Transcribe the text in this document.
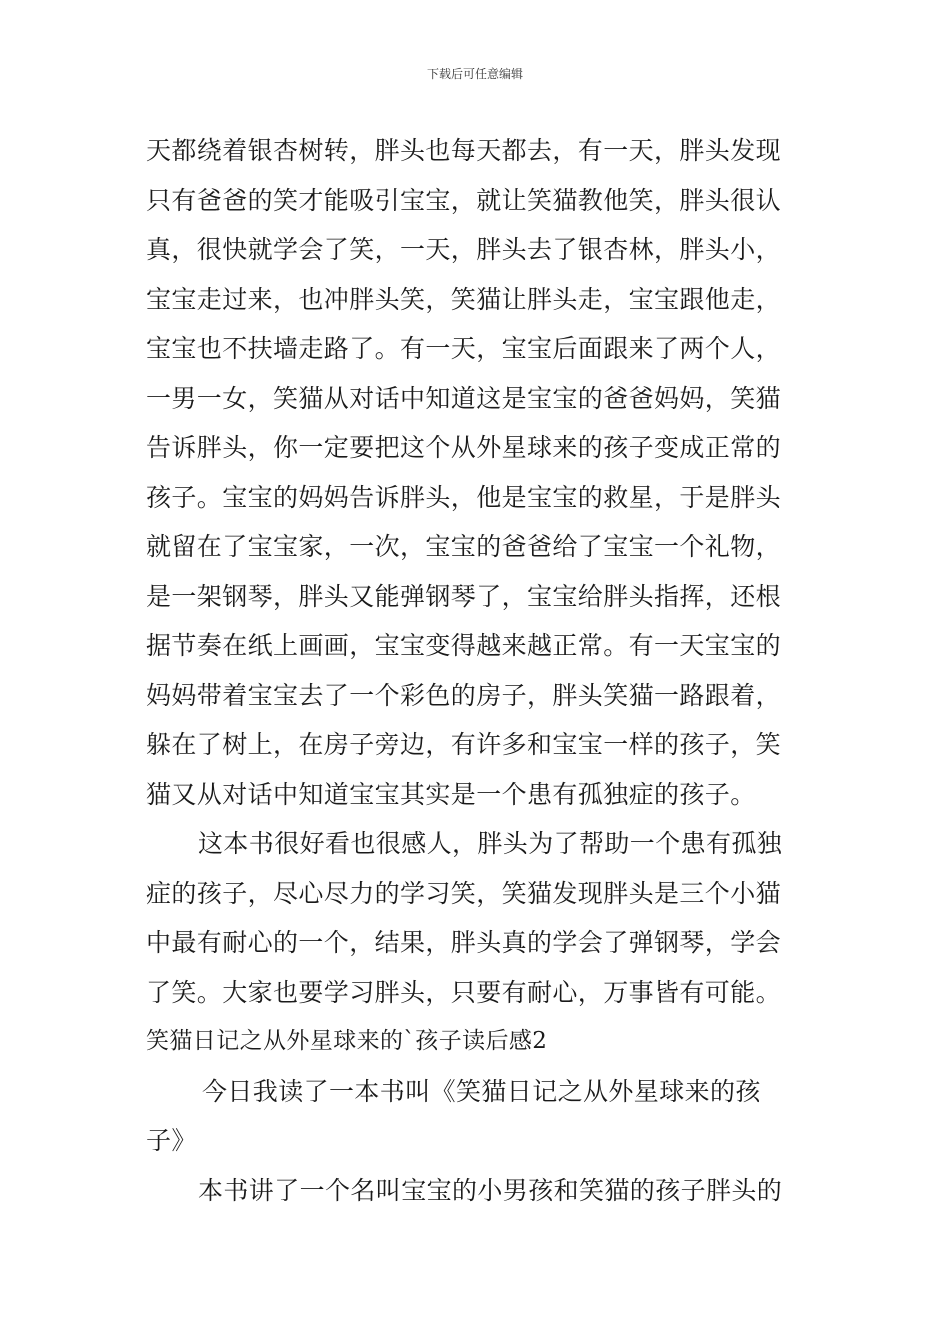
下载后可任意编辑
天都绕着银杏树转，胖头也每天都去，有一天，胖头发现
只有爸爸的笑才能吸引宝宝，就让笑猫教他笑，胖头很认
真，很快就学会了笑，一天，胖头去了银杏林，胖头小，
宝宝走过来，也冲胖头笑，笑猫让胖头走，宝宝跟他走，
宝宝也不扶墙走路了。有一天，宝宝后面跟来了两个人，
一男一女，笑猫从对话中知道这是宝宝的爸爸妈妈，笑猫
告诉胖头，你一定要把这个从外星球来的孩子变成正常的
孩子。宝宝的妈妈告诉胖头，他是宝宝的救星，于是胖头
就留在了宝宝家，一次，宝宝的爸爸给了宝宝一个礼物，
是一架钢琴，胖头又能弹钢琴了，宝宝给胖头指挥，还根
据节奏在纸上画画，宝宝变得越来越正常。有一天宝宝的
妈妈带着宝宝去了一个彩色的房子，胖头笑猫一路跟着，
躲在了树上，在房子旁边，有许多和宝宝一样的孩子，笑
猫又从对话中知道宝宝其实是一个患有孤独症的孩子。
这本书很好看也很感人，胖头为了帮助一个患有孤独
症的孩子，尽心尽力的学习笑，笑猫发现胖头是三个小猫
中最有耐心的一个，结果，胖头真的学会了弹钢琴，学会
了笑。大家也要学习胖头，只要有耐心，万事皆有可能。
笑猫日记之从外星球来的`孩子读后感2
今日我读了一本书叫《笑猫日记之从外星球来的孩
子》
本书讲了一个名叫宝宝的小男孩和笑猫的孩子胖头的
